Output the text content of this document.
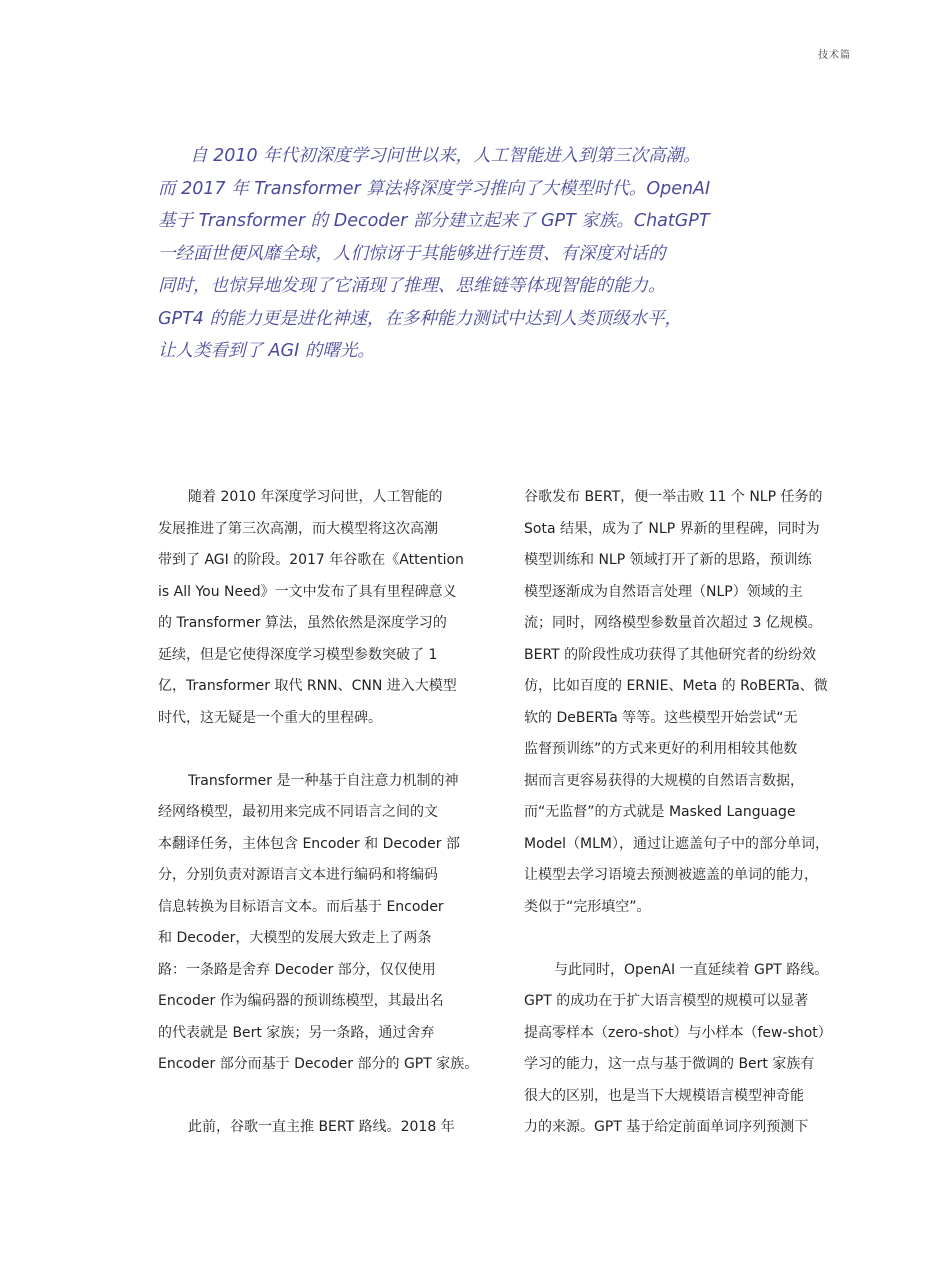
技术篇
自 2010 年代初深度学习问世以来，人工智能进入到第三次高潮。
而 2017 年 Transformer 算法将深度学习推向了大模型时代。OpenAI
基于 Transformer 的 Decoder 部分建立起来了 GPT 家族。ChatGPT
一经面世便风靡全球，人们惊讶于其能够进行连贯、有深度对话的
同时，也惊异地发现了它涌现了推理、思维链等体现智能的能力。
GPT4 的能力更是进化神速，在多种能力测试中达到人类顶级水平，
让人类看到了 AGI 的曙光。
随着 2010 年深度学习问世，人工智能的
发展推进了第三次高潮，而大模型将这次高潮
带到了 AGI 的阶段。2017 年谷歌在《Attention
is All You Need》一文中发布了具有里程碑意义
的 Transformer 算法，虽然依然是深度学习的
延续，但是它使得深度学习模型参数突破了 1
亿，Transformer 取代 RNN、CNN 进入大模型
时代，这无疑是一个重大的里程碑。
Transformer 是一种基于自注意力机制的神
经网络模型，最初用来完成不同语言之间的文
本翻译任务，主体包含 Encoder 和 Decoder 部
分，分别负责对源语言文本进行编码和将编码
信息转换为目标语言文本。而后基于 Encoder
和 Decoder，大模型的发展大致走上了两条
路：一条路是舍弃 Decoder 部分，仅仅使用
Encoder 作为编码器的预训练模型，其最出名
的代表就是 Bert 家族；另一条路，通过舍弃
Encoder 部分而基于 Decoder 部分的 GPT 家族。
此前，谷歌一直主推 BERT 路线。2018 年
谷歌发布 BERT，便一举击败 11 个 NLP 任务的
Sota 结果，成为了 NLP 界新的里程碑，同时为
模型训练和 NLP 领域打开了新的思路，预训练
模型逐渐成为自然语言处理（NLP）领域的主
流；同时，网络模型参数量首次超过 3 亿规模。
BERT 的阶段性成功获得了其他研究者的纷纷效
仿，比如百度的 ERNIE、Meta 的 RoBERTa、微
软的 DeBERTa 等等。这些模型开始尝试“无
监督预训练”的方式来更好的利用相较其他数
据而言更容易获得的大规模的自然语言数据，
而“无监督”的方式就是 Masked Language
Model（MLM），通过让遮盖句子中的部分单词，
让模型去学习语境去预测被遮盖的单词的能力，
类似于“完形填空”。
与此同时，OpenAI 一直延续着 GPT 路线。
GPT 的成功在于扩大语言模型的规模可以显著
提高零样本（zero-shot）与小样本（few-shot）
学习的能力，这一点与基于微调的 Bert 家族有
很大的区别，也是当下大规模语言模型神奇能
力的来源。GPT 基于给定前面单词序列预测下
